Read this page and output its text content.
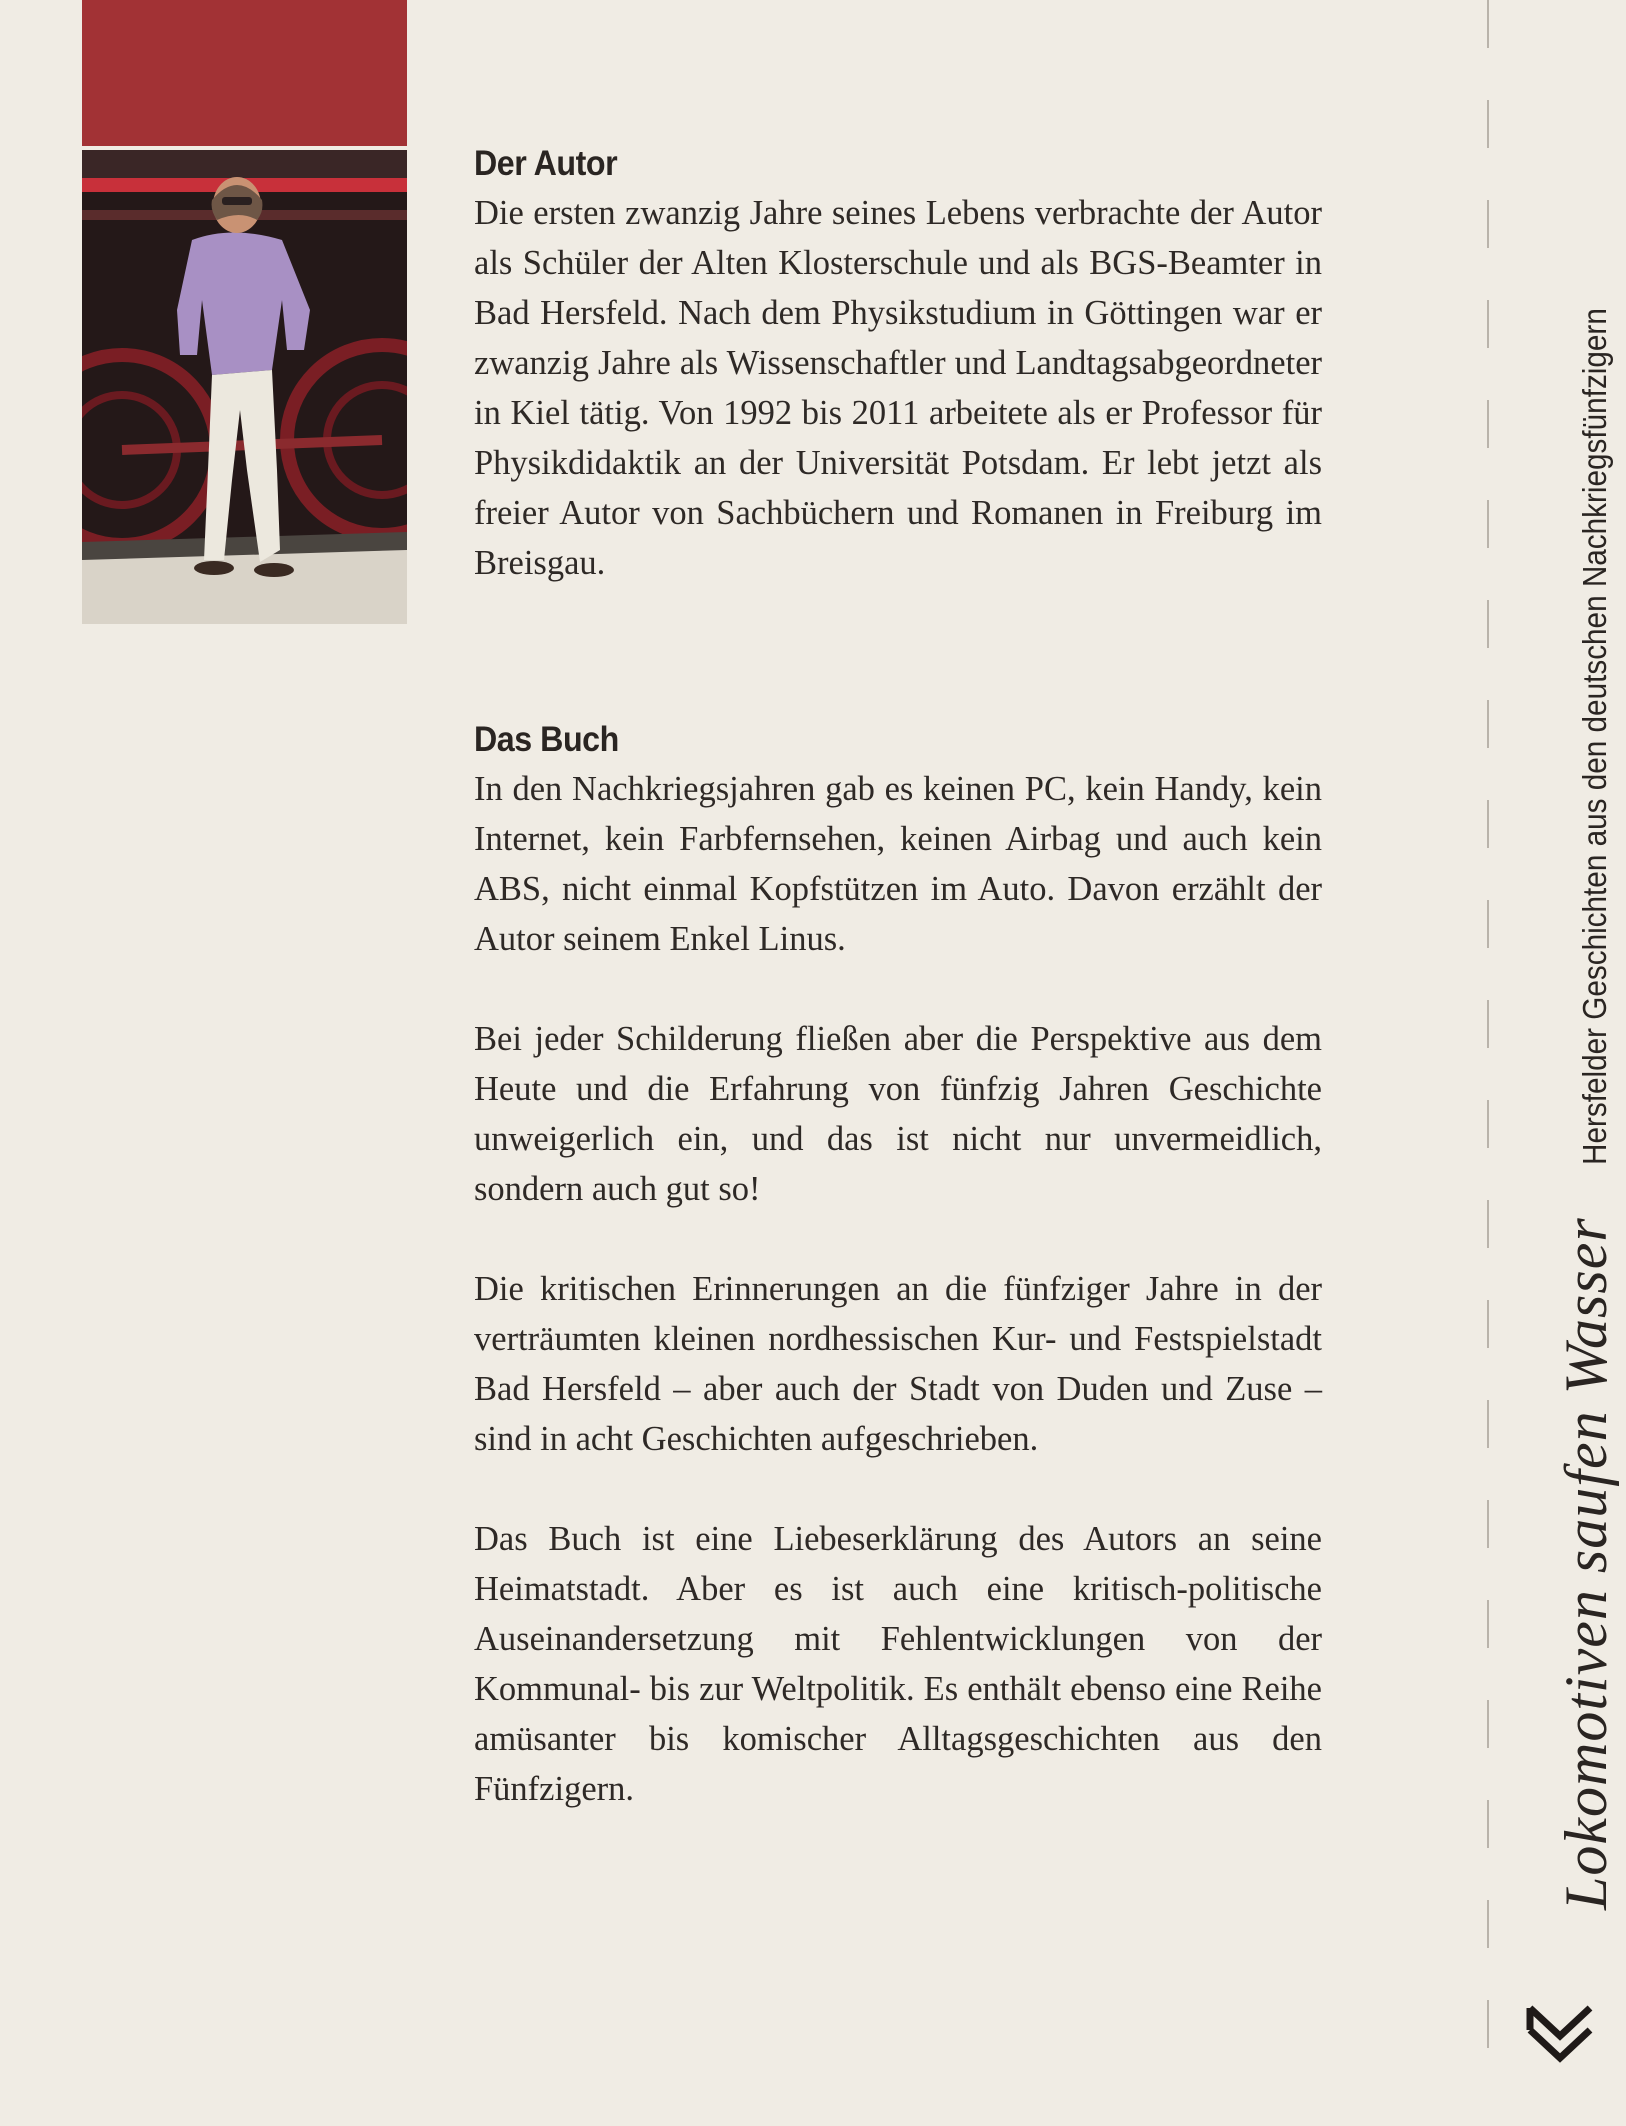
Der Autor

Die ersten zwanzig Jahre seines Lebens verbrachte der Autor als Schüler der Alten Klosterschule und als BGS-Beamter in Bad Hersfeld. Nach dem Physikstudium in Göttingen war er zwanzig Jahre als Wissenschaftler und Landtagsabgeordneter in Kiel tätig. Von 1992 bis 2011 arbeitete als er Professor für Physikdidaktik an der Universität Potsdam. Er lebt jetzt als freier Autor von Sachbüchern und Romanen in Freiburg im Breisgau.

Das Buch

In den Nachkriegsjahren gab es keinen PC, kein Handy, kein Internet, kein Farbfernsehen, keinen Airbag und auch kein ABS, nicht einmal Kopfstützen im Auto. Davon erzählt der Autor seinem Enkel Linus.

Bei jeder Schilderung fließen aber die Perspektive aus dem Heute und die Erfahrung von fünfzig Jahren Geschichte unweigerlich ein, und das ist nicht nur unvermeidlich, sondern auch gut so!

Die kritischen Erinnerungen an die fünfziger Jahre in der verträumten kleinen nordhessischen Kur- und Festspielstadt Bad Hersfeld – aber auch der Stadt von Duden und Zuse – sind in acht Geschichten aufgeschrieben.

Das Buch ist eine Liebeserklärung des Autors an seine Heimatstadt. Aber es ist auch eine kritisch-politische Auseinandersetzung mit Fehlentwicklungen von der Kommunal- bis zur Weltpolitik. Es enthält ebenso eine Reihe amüsanter bis komischer Alltagsgeschichten aus den Fünfzigern.	Lokomotiven saufen Wasser
Hersfelder Geschichten aus den deutschen Nachkriegsfünfzigern
